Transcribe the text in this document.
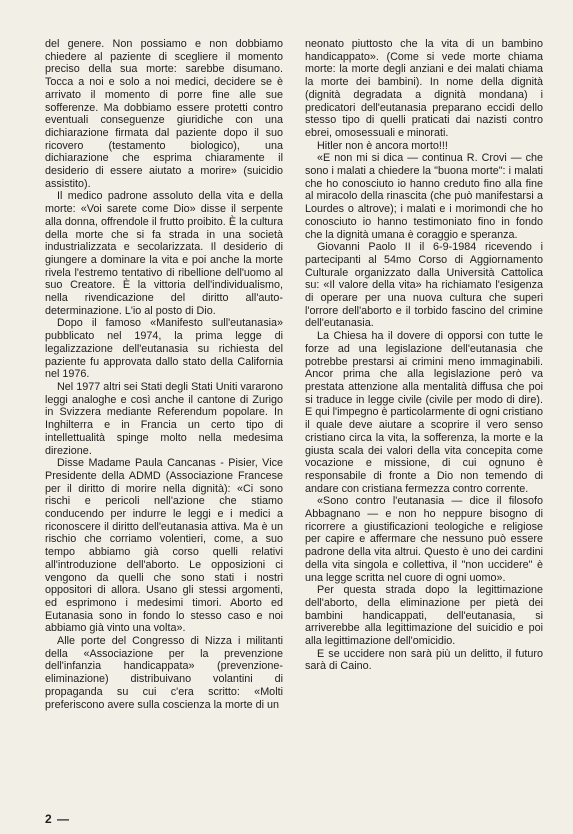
del genere. Non possiamo e non dobbiamo chiedere al paziente di scegliere il momento preciso della sua morte: sarebbe disumano. Tocca a noi e solo a noi medici, decidere se è arrivato il momento di porre fine alle sue sofferenze. Ma dobbiamo essere protetti contro eventuali conseguenze giuridiche con una dichiarazione firmata dal paziente dopo il suo ricovero (testamento biologico), una dichiarazione che esprima chiaramente il desiderio di essere aiutato a morire» (suicidio assistito).

Il medico padrone assoluto della vita e della morte: «Voi sarete come Dio» disse il serpente alla donna, offrendole il frutto proibito. È la cultura della morte che si fa strada in una società industrializzata e secolarizzata. Il desiderio di giungere a dominare la vita e poi anche la morte rivela l'estremo tentativo di ribellione dell'uomo al suo Creatore. È la vittoria dell'individualismo, nella rivendicazione del diritto all'auto-determinazione. L'io al posto di Dio.

Dopo il famoso «Manifesto sull'eutanasia» pubblicato nel 1974, la prima legge di legalizzazione dell'eutanasia su richiesta del paziente fu approvata dallo stato della California nel 1976.

Nel 1977 altri sei Stati degli Stati Uniti vararono leggi analoghe e così anche il cantone di Zurigo in Svizzera mediante Referendum popolare. In Inghilterra e in Francia un certo tipo di intellettualità spinge molto nella medesima direzione.

Disse Madame Paula Cancanas - Pisier, Vice Presidente della ADMD (Associazione Francese per il diritto di morire nella dignità): «Ci sono rischi e pericoli nell'azione che stiamo conducendo per indurre le leggi e i medici a riconoscere il diritto dell'eutanasia attiva. Ma è un rischio che corriamo volentieri, come, a suo tempo abbiamo già corso quelli relativi all'introduzione dell'aborto. Le opposizioni ci vengono da quelli che sono stati i nostri oppositori di allora. Usano gli stessi argomenti, ed esprimono i medesimi timori. Aborto ed Eutanasia sono in fondo lo stesso caso e noi abbiamo già vinto una volta».

Alle porte del Congresso di Nizza i militanti della «Associazione per la prevenzione dell'infanzia handicappata» (prevenzione-eliminazione) distribuivano volantini di propaganda su cui c'era scritto: «Molti preferiscono avere sulla coscienza la morte di un

neonato piuttosto che la vita di un bambino handicappato». (Come si vede morte chiama morte: la morte degli anziani e dei malati chiama la morte dei bambini). In nome della dignità (dignità degradata a dignità mondana) i predicatori dell'eutanasia preparano eccidi dello stesso tipo di quelli praticati dai nazisti contro ebrei, omosessuali e minorati.

Hitler non è ancora morto!!!

«E non mi si dica — continua R. Crovi — che sono i malati a chiedere la "buona morte": i malati che ho conosciuto io hanno creduto fino alla fine al miracolo della rinascita (che può manifestarsi a Lourdes o altrove); i malati e i morimondi che ho conosciuto io hanno testimoniato fino in fondo che la dignità umana è coraggio e speranza.

Giovanni Paolo II il 6-9-1984 ricevendo i partecipanti al 54mo Corso di Aggiornamento Culturale organizzato dalla Università Cattolica su: «Il valore della vita» ha richiamato l'esigenza di operare per una nuova cultura che superi l'orrore dell'aborto e il torbido fascino del crimine dell'eutanasia.

La Chiesa ha il dovere di opporsi con tutte le forze ad una legislazione dell'eutanasia che potrebbe prestarsi ai crimini meno immaginabili. Ancor prima che alla legislazione però va prestata attenzione alla mentalità diffusa che poi si traduce in legge civile (civile per modo di dire). E qui l'impegno è particolarmente di ogni cristiano il quale deve aiutare a scoprire il vero senso cristiano circa la vita, la sofferenza, la morte e la giusta scala dei valori della vita concepita come vocazione e missione, di cui ognuno è responsabile di fronte a Dio non temendo di andare con cristiana fermezza contro corrente.

«Sono contro l'eutanasia — dice il filosofo Abbagnano — e non ho neppure bisogno di ricorrere a giustificazioni teologiche e religiose per capire e affermare che nessuno può essere padrone della vita altrui. Questo è uno dei cardini della vita singola e collettiva, il "non uccidere" è una legge scritta nel cuore di ogni uomo».

Per questa strada dopo la legittimazione dell'aborto, della eliminazione per pietà dei bambini handicappati, dell'eutanasia, si arriverebbe alla legittimazione del suicidio e poi alla legittimazione dell'omicidio.

E se uccidere non sarà più un delitto, il futuro sarà di Caino.

2 —
